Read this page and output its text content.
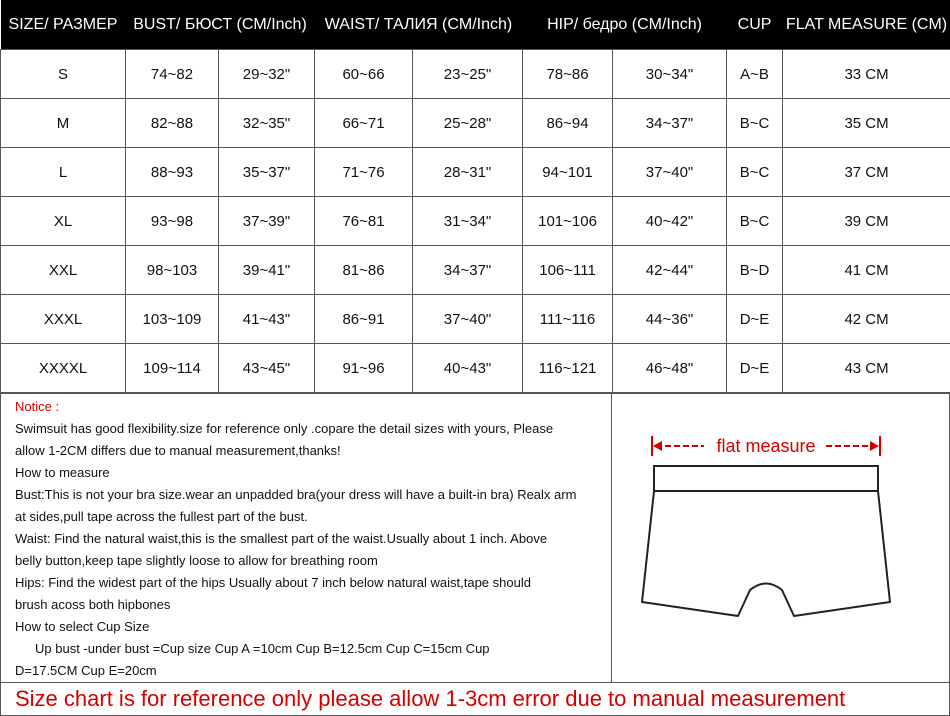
SIZE/ РАЗМЕР	BUST/ БЮСТ (CM/Inch)		WAIST/ ТАЛИЯ (CM/Inch)		HIP/ бедро (CM/Inch)		CUP	FLAT MEASURE (CM)
S	74~82	29~32"	60~66	23~25"	78~86	30~34"	A~B	33 CM
M	82~88	32~35"	66~71	25~28"	86~94	34~37"	B~C	35 CM
L	88~93	35~37"	71~76	28~31"	94~101	37~40"	B~C	37 CM
XL	93~98	37~39"	76~81	31~34"	101~106	40~42"	B~C	39 CM
XXL	98~103	39~41"	81~86	34~37"	106~111	42~44"	B~D	41 CM
XXXL	103~109	41~43"	86~91	37~40"	111~116	44~36"	D~E	42 CM
XXXXL	109~114	43~45"	91~96	40~43"	116~121	46~48"	D~E	43 CM

Notice :

Swimsuit has good flexibility.size for reference only .copare the detail sizes with yours, Please

allow 1-2CM differs due to manual measurement,thanks!

How to measure

Bust:This is not your bra size.wear an unpadded bra(your dress will have a built-in bra) Realx arm

at sides,pull tape across the fullest part of the bust.

Waist: Find the natural waist,this is the smallest part of the waist.Usually about 1 inch. Above

belly button,keep tape slightly loose to allow for breathing room

Hips: Find the widest part of the hips Usually about 7 inch below natural waist,tape should

brush acoss both hipbones

How to select Cup Size

Up bust -under bust =Cup size Cup A =10cm Cup B=12.5cm Cup C=15cm Cup

D=17.5CM Cup E=20cm

flat measure
Size chart is for reference only please allow 1-3cm error due to manual measurement
